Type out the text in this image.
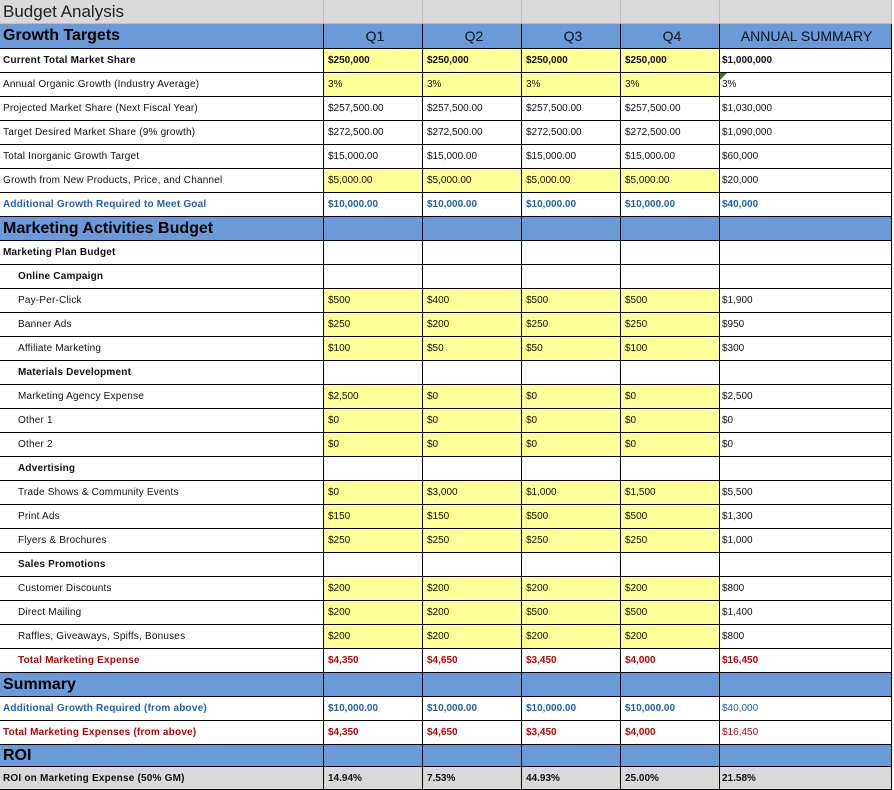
Budget Analysis
Growth Targets	Q1	Q2	Q3	Q4	ANNUAL SUMMARY
Current Total Market Share	$250,000	$250,000	$250,000	$250,000	$1,000,000
Annual Organic Growth (Industry Average)	3%	3%	3%	3%	3%
Projected Market Share (Next Fiscal Year)	$257,500.00	$257,500.00	$257,500.00	$257,500.00	$1,030,000
Target Desired Market Share (9% growth)	$272,500.00	$272,500.00	$272,500.00	$272,500.00	$1,090,000
Total Inorganic Growth Target	$15,000.00	$15,000.00	$15,000.00	$15,000.00	$60,000
Growth from New Products, Price, and Channel	$5,000.00	$5,000.00	$5,000.00	$5,000.00	$20,000
Additional Growth Required to Meet Goal	$10,000.00	$10,000.00	$10,000.00	$10,000.00	$40,000
Marketing Activities Budget
Marketing Plan Budget
Online Campaign
Pay-Per-Click	$500	$400	$500	$500	$1,900
Banner Ads	$250	$200	$250	$250	$950
Affiliate Marketing	$100	$50	$50	$100	$300
Materials Development
Marketing Agency Expense	$2,500	$0	$0	$0	$2,500
Other 1	$0	$0	$0	$0	$0
Other 2	$0	$0	$0	$0	$0
Advertising
Trade Shows & Community Events	$0	$3,000	$1,000	$1,500	$5,500
Print Ads	$150	$150	$500	$500	$1,300
Flyers & Brochures	$250	$250	$250	$250	$1,000
Sales Promotions
Customer Discounts	$200	$200	$200	$200	$800
Direct Mailing	$200	$200	$500	$500	$1,400
Raffles, Giveaways, Spiffs, Bonuses	$200	$200	$200	$200	$800
Total Marketing Expense	$4,350	$4,650	$3,450	$4,000	$16,450
Summary
Additional Growth Required (from above)	$10,000.00	$10,000.00	$10,000.00	$10,000.00	$40,000
Total Marketing Expenses (from above)	$4,350	$4,650	$3,450	$4,000	$16,450
ROI
ROI on Marketing Expense (50% GM)	14.94%	7.53%	44.93%	25.00%	21.58%
